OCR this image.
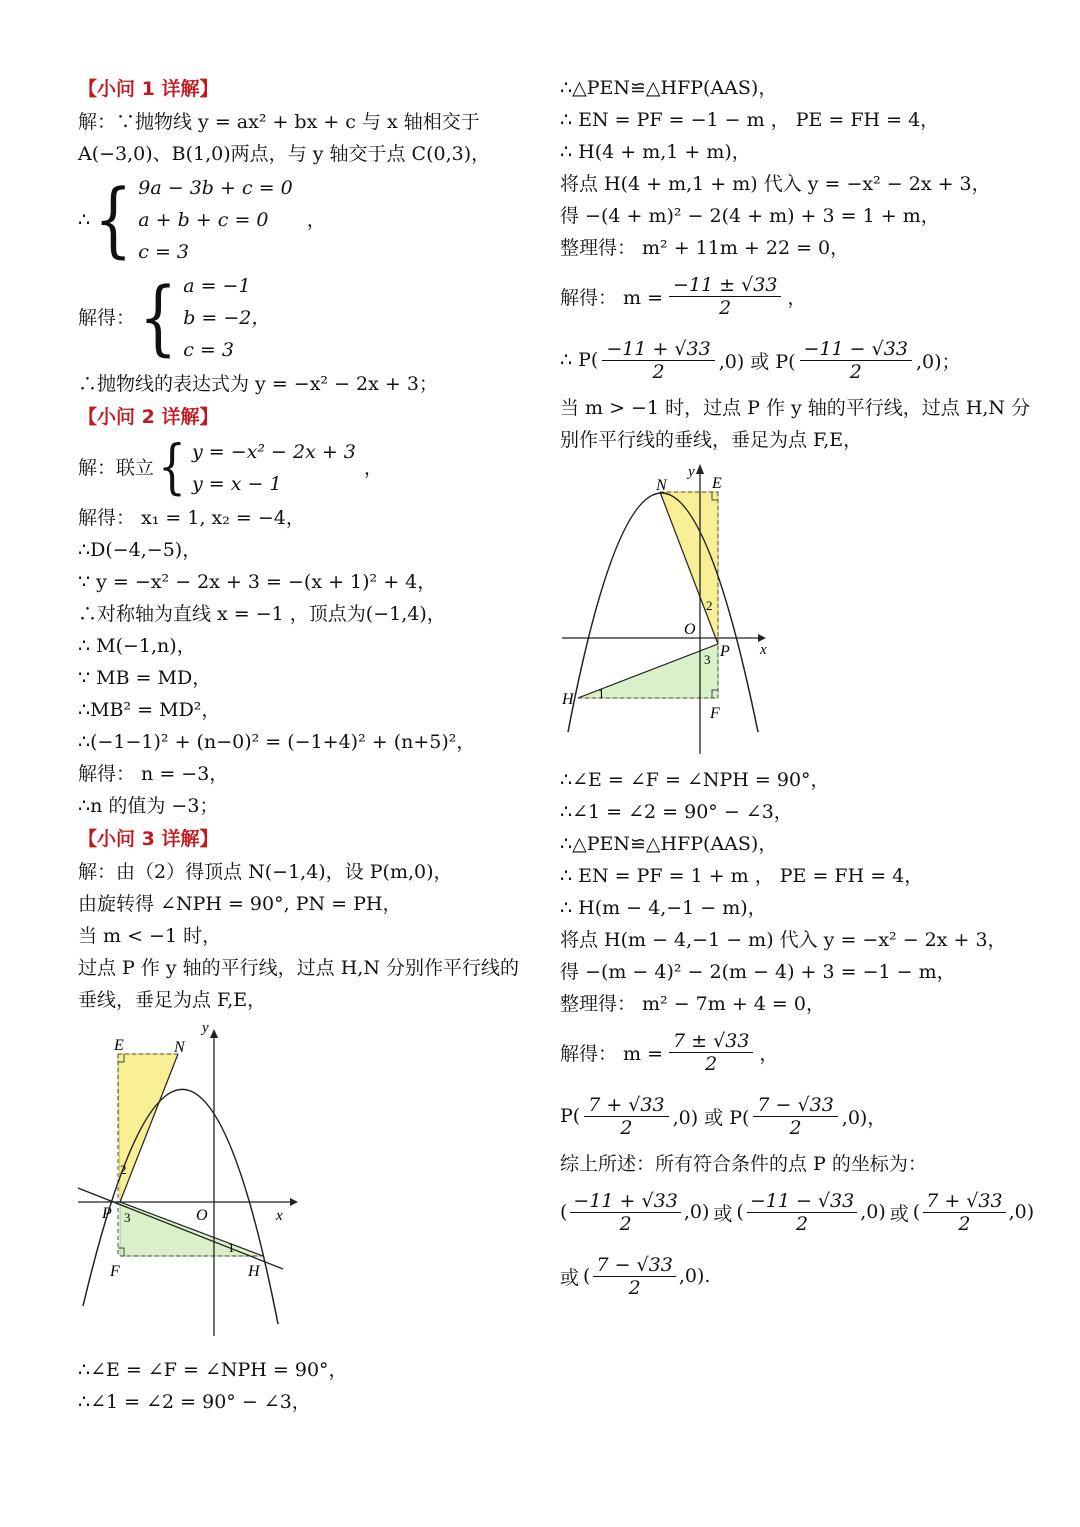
【小问 1 详解】
解：∵抛物线 y = ax² + bx + c 与 x 轴相交于
A(−3,0)、B(1,0)两点，与 y 轴交于点 C(0,3)，
∴ { 9a − 3b + c = 0
a + b + c = 0
c = 3
，
解得： { a = −1
b = −2，
c = 3
∴抛物线的表达式为 y = −x² − 2x + 3；
【小问 2 详解】
解：联立 { y = −x² − 2x + 3
y = x − 1
，
解得： x₁ = 1, x₂ = −4，
∴D(−4,−5)，
∵ y = −x² − 2x + 3 = −(x + 1)² + 4，
∴对称轴为直线 x = −1 ，顶点为(−1,4)，
∴ M(−1,n)，
∵ MB = MD，
∴MB² = MD²，
∴(−1−1)² + (n−0)² = (−1+4)² + (n+5)²，
解得： n = −3，
∴n 的值为 −3；
【小问 3 详解】
解：由（2）得顶点 N(−1,4)，设 P(m,0)，
由旋转得 ∠NPH = 90°, PN = PH，
当 m < −1 时，
过点 P 作 y 轴的平行线，过点 H,N 分别作平行线的
垂线，垂足为点 F,E，
E	N
y
x
O
P
F	H
2
3
1
∴∠E = ∠F = ∠NPH = 90°，
∴∠1 = ∠2 = 90° − ∠3，
∴△PEN≌△HFP(AAS)，
∴ EN = PF = −1 − m ， PE = FH = 4，
∴ H(4 + m,1 + m)，
将点 H(4 + m,1 + m) 代入 y = −x² − 2x + 3，
得 −(4 + m)² − 2(4 + m) + 3 = 1 + m，
整理得： m² + 11m + 22 = 0，
解得： $m = \frac{-11 \pm √33}{2}$ ，
∴ $P( \frac{-11 + √33}{2} ,0)$ 或 $P( \frac{-11 - √33}{2} ,0)$；
当 m > −1 时，过点 P 作 y 轴的平行线，过点 H,N 分
别作平行线的垂线，垂足为点 F,E，
N	E
y
x
O
P
H
F
2
3
1
∴∠E = ∠F = ∠NPH = 90°，
∴∠1 = ∠2 = 90° − ∠3，
∴△PEN≌△HFP(AAS)，
∴ EN = PF = 1 + m ， PE = FH = 4，
∴ H(m − 4,−1 − m)，
将点 H(m − 4,−1 − m) 代入 y = −x² − 2x + 3，
得 −(m − 4)² − 2(m − 4) + 3 = −1 − m，
整理得： m² − 7m + 4 = 0，
解得： $m = \frac{7 \pm √33}{2}$ ，
$P( \frac{7 + √33}{2} ,0)$ 或 $P( \frac{7 - √33}{2} ,0)$，
综上所述：所有符合条件的点 P 的坐标为：
( $\frac{-11 + √33}{2} ,0$ ) 或 ( $\frac{-11 - √33}{2} ,0$ ) 或 ( $\frac{7 + √33}{2} ,0$ )
或 ( $\frac{7 - √33}{2} ,0$ ) .
